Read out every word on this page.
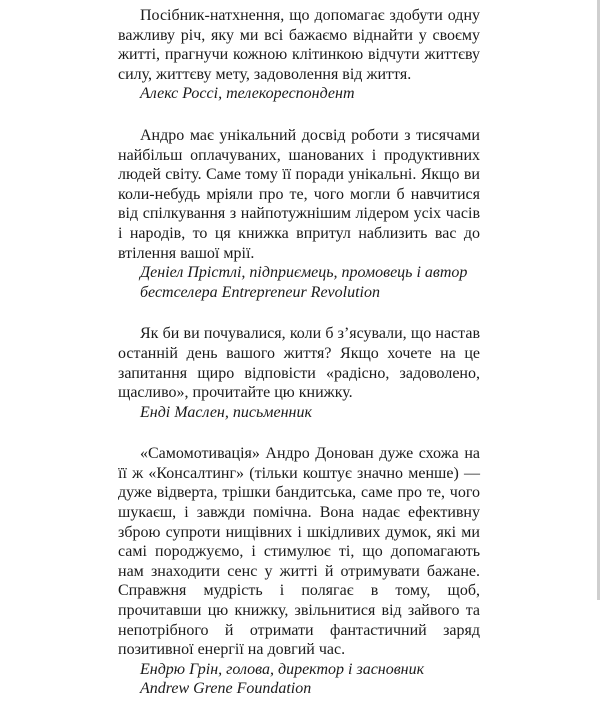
Посібник-натхнення, що допомагає здобути одну важливу річ, яку ми всі бажаємо віднайти у своєму житті, прагнучи кожною клітинкою відчути життєву силу, життєву мету, задоволення від життя.

Алекс Россі, телекореспондент

Андро має унікальний досвід роботи з тисячами найбільш оплачуваних, шанованих і продуктивних людей світу. Саме тому її поради унікальні. Якщо ви коли-небудь мріяли про те, чого могли б навчитися від спілкування з найпотужнішим лідером усіх часів і народів, то ця книжка впритул наблизить вас до втілення вашої мрії.

Деніел Прістлі, підприємець, промовець і автор

бестселера Entrepreneur Revolution

Як би ви почувалися, коли б з’ясували, що настав останній день вашого життя? Якщо хочете на це запитання щиро відповісти «радісно, задоволено, щасливо», прочитайте цю книжку.

Енді Маслен, письменник

«Самомотивація» Андро Донован дуже схожа на її ж «Консалтинг» (тільки коштує значно менше) — дуже відверта, трішки бандитська, саме про те, чого шукаєш, і завжди помічна. Вона надає ефективну зброю супроти нищівних і шкідливих думок, які ми самі породжуємо, і стимулює ті, що допомагають нам знаходити сенс у житті й отримувати бажане. Справжня мудрість і полягає в тому, щоб, прочитавши цю книжку, звільнитися від зайвого та непотрібного й отримати фантастичний заряд позитивної енергії на довгий час.

Ендрю Грін, голова, директор і засновник

Andrew Grene Foundation
